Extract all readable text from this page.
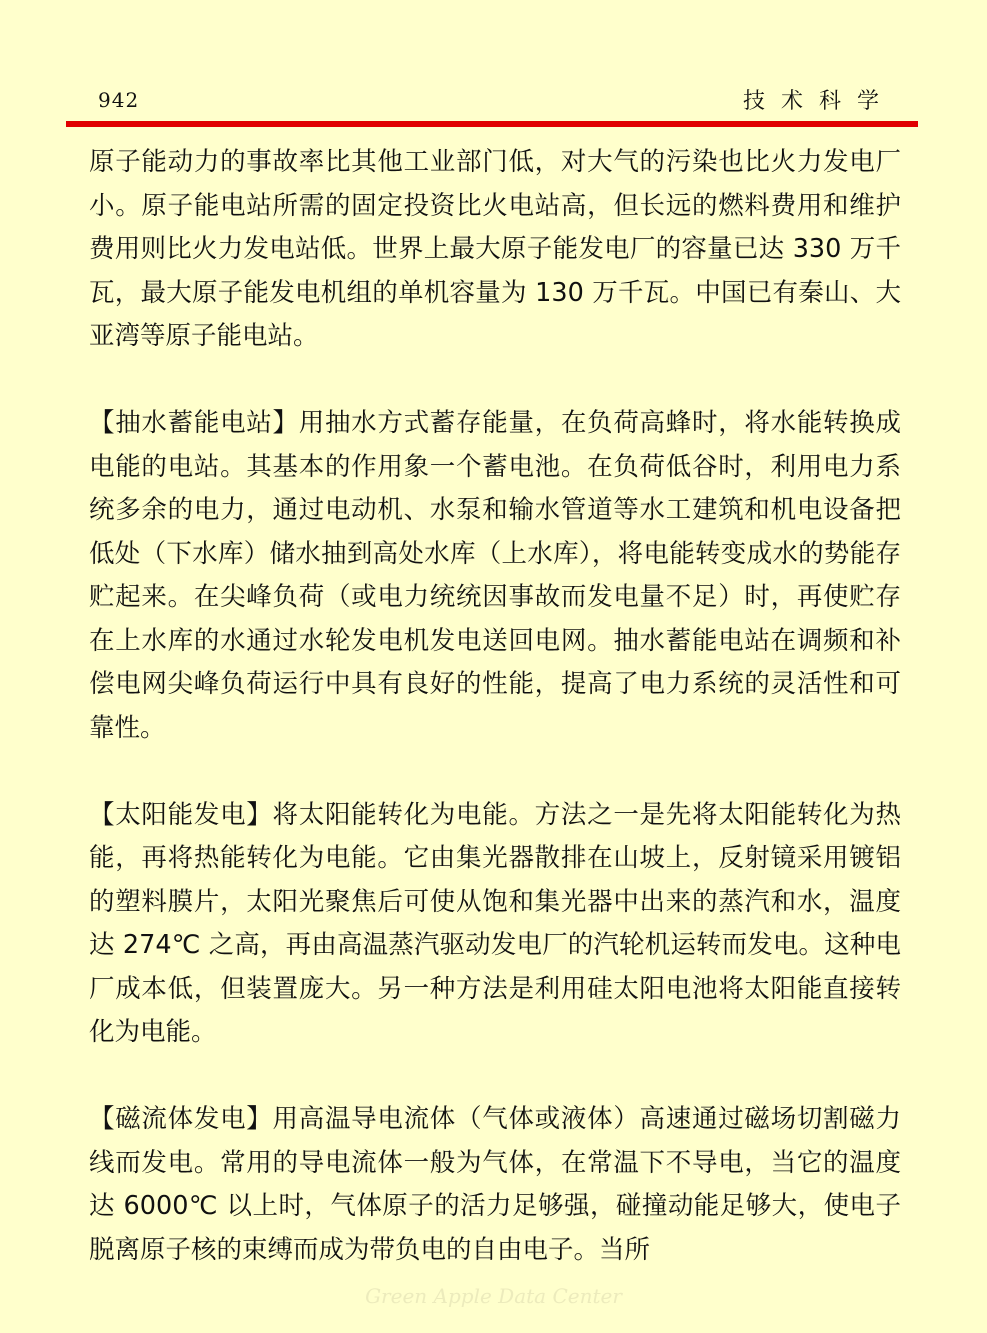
942	技术科学

原子能动力的事故率比其他工业部门低，对大气的污染也比火力发电厂小。原子能电站所需的固定投资比火电站高，但长远的燃料费用和维护费用则比火力发电站低。世界上最大原子能发电厂的容量已达 330 万千瓦，最大原子能发电机组的单机容量为 130 万千瓦。中国已有秦山、大亚湾等原子能电站。

【抽水蓄能电站】用抽水方式蓄存能量，在负荷高蜂时，将水能转换成电能的电站。其基本的作用象一个蓄电池。在负荷低谷时，利用电力系统多余的电力，通过电动机、水泵和输水管道等水工建筑和机电设备把低处（下水库）储水抽到高处水库（上水库），将电能转变成水的势能存贮起来。在尖峰负荷（或电力统统因事故而发电量不足）时，再使贮存在上水库的水通过水轮发电机发电送回电网。抽水蓄能电站在调频和补偿电网尖峰负荷运行中具有良好的性能，提高了电力系统的灵活性和可靠性。

【太阳能发电】将太阳能转化为电能。方法之一是先将太阳能转化为热能，再将热能转化为电能。它由集光器散排在山坡上，反射镜采用镀铝的塑料膜片，太阳光聚焦后可使从饱和集光器中出来的蒸汽和水，温度达 274℃ 之高，再由高温蒸汽驱动发电厂的汽轮机运转而发电。这种电厂成本低，但装置庞大。另一种方法是利用硅太阳电池将太阳能直接转化为电能。

【磁流体发电】用高温导电流体（气体或液体）高速通过磁场切割磁力线而发电。常用的导电流体一般为气体，在常温下不导电，当它的温度达 6000℃ 以上时，气体原子的活力足够强，碰撞动能足够大，使电子脱离原子核的束缚而成为带负电的自由电子。当所

Green Apple Data Center
